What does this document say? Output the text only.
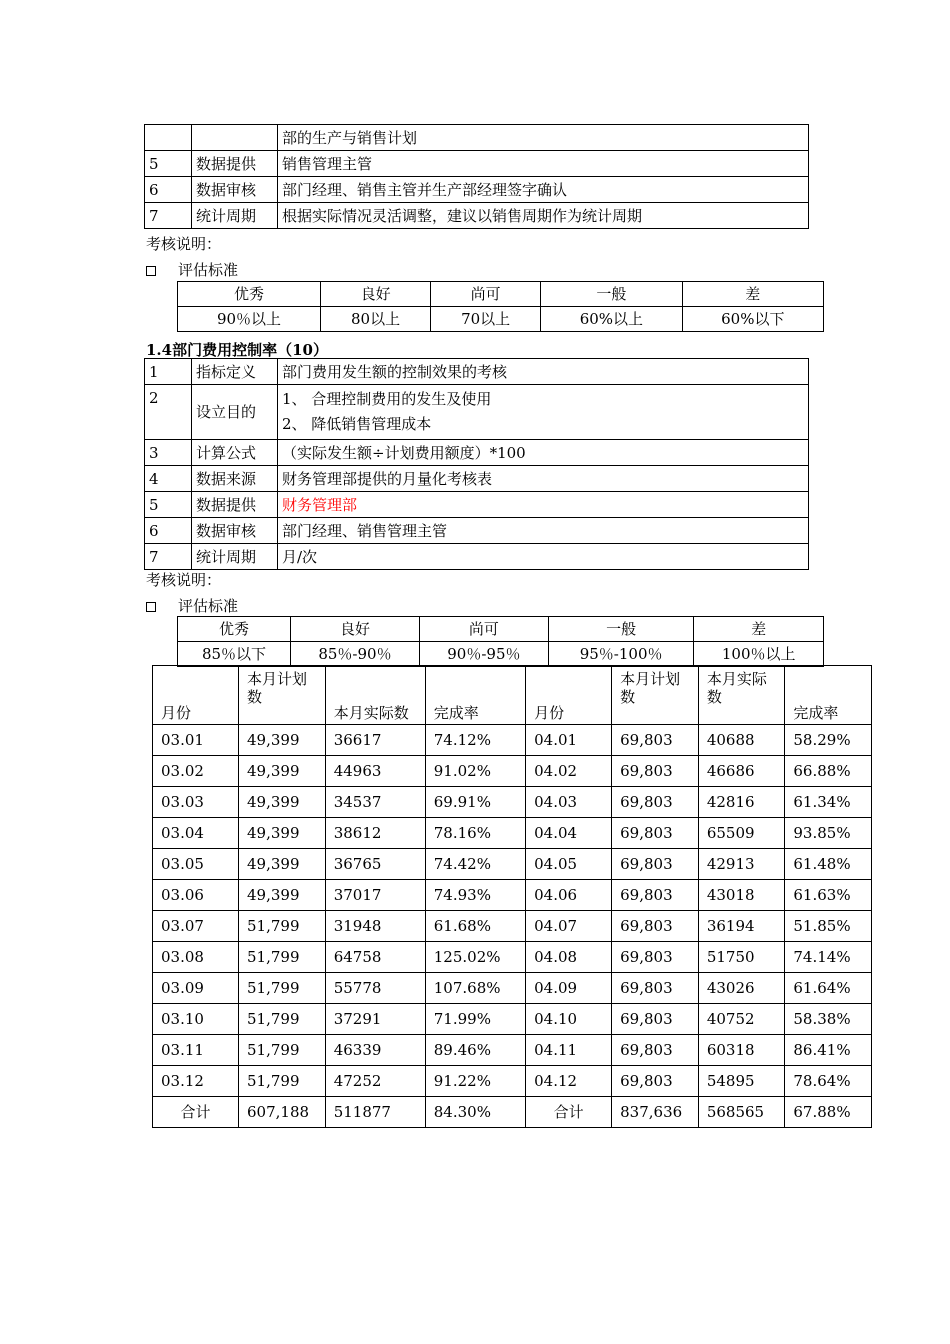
		部的生产与销售计划
5	数据提供	销售管理主管
6	数据审核	部门经理、销售主管并生产部经理签字确认
7	统计周期	根据实际情况灵活调整，建议以销售周期作为统计周期
考核说明：
评估标准
优秀	良好	尚可	一般	差
90％以上	80以上	70以上	60%以上	60%以下
1.4部门费用控制率（10）
1	指标定义	部门费用发生额的控制效果的考核
2	设立目的	1、 合理控制费用的发生及使用
2、 降低销售管理成本

3	计算公式	（实际发生额÷计划费用额度）*100
4	数据来源	财务管理部提供的月量化考核表
5	数据提供	财务管理部
6	数据审核	部门经理、销售管理主管
7	统计周期	月/次
考核说明：
评估标准
优秀	良好	尚可	一般	差
85％以下	85％-90％	90％-95％	95％-100％	100％以上
月份	本月计划数	本月实际数	完成率	月份	本月计划数	本月实际数	完成率
03.01	49,399	36617	74.12%	04.01	69,803	40688	58.29%
03.02	49,399	44963	91.02%	04.02	69,803	46686	66.88%
03.03	49,399	34537	69.91%	04.03	69,803	42816	61.34%
03.04	49,399	38612	78.16%	04.04	69,803	65509	93.85%
03.05	49,399	36765	74.42%	04.05	69,803	42913	61.48%
03.06	49,399	37017	74.93%	04.06	69,803	43018	61.63%
03.07	51,799	31948	61.68%	04.07	69,803	36194	51.85%
03.08	51,799	64758	125.02%	04.08	69,803	51750	74.14%
03.09	51,799	55778	107.68%	04.09	69,803	43026	61.64%
03.10	51,799	37291	71.99%	04.10	69,803	40752	58.38%
03.11	51,799	46339	89.46%	04.11	69,803	60318	86.41%
03.12	51,799	47252	91.22%	04.12	69,803	54895	78.64%
合计	607,188	511877	84.30%	合计	837,636	568565	67.88%
